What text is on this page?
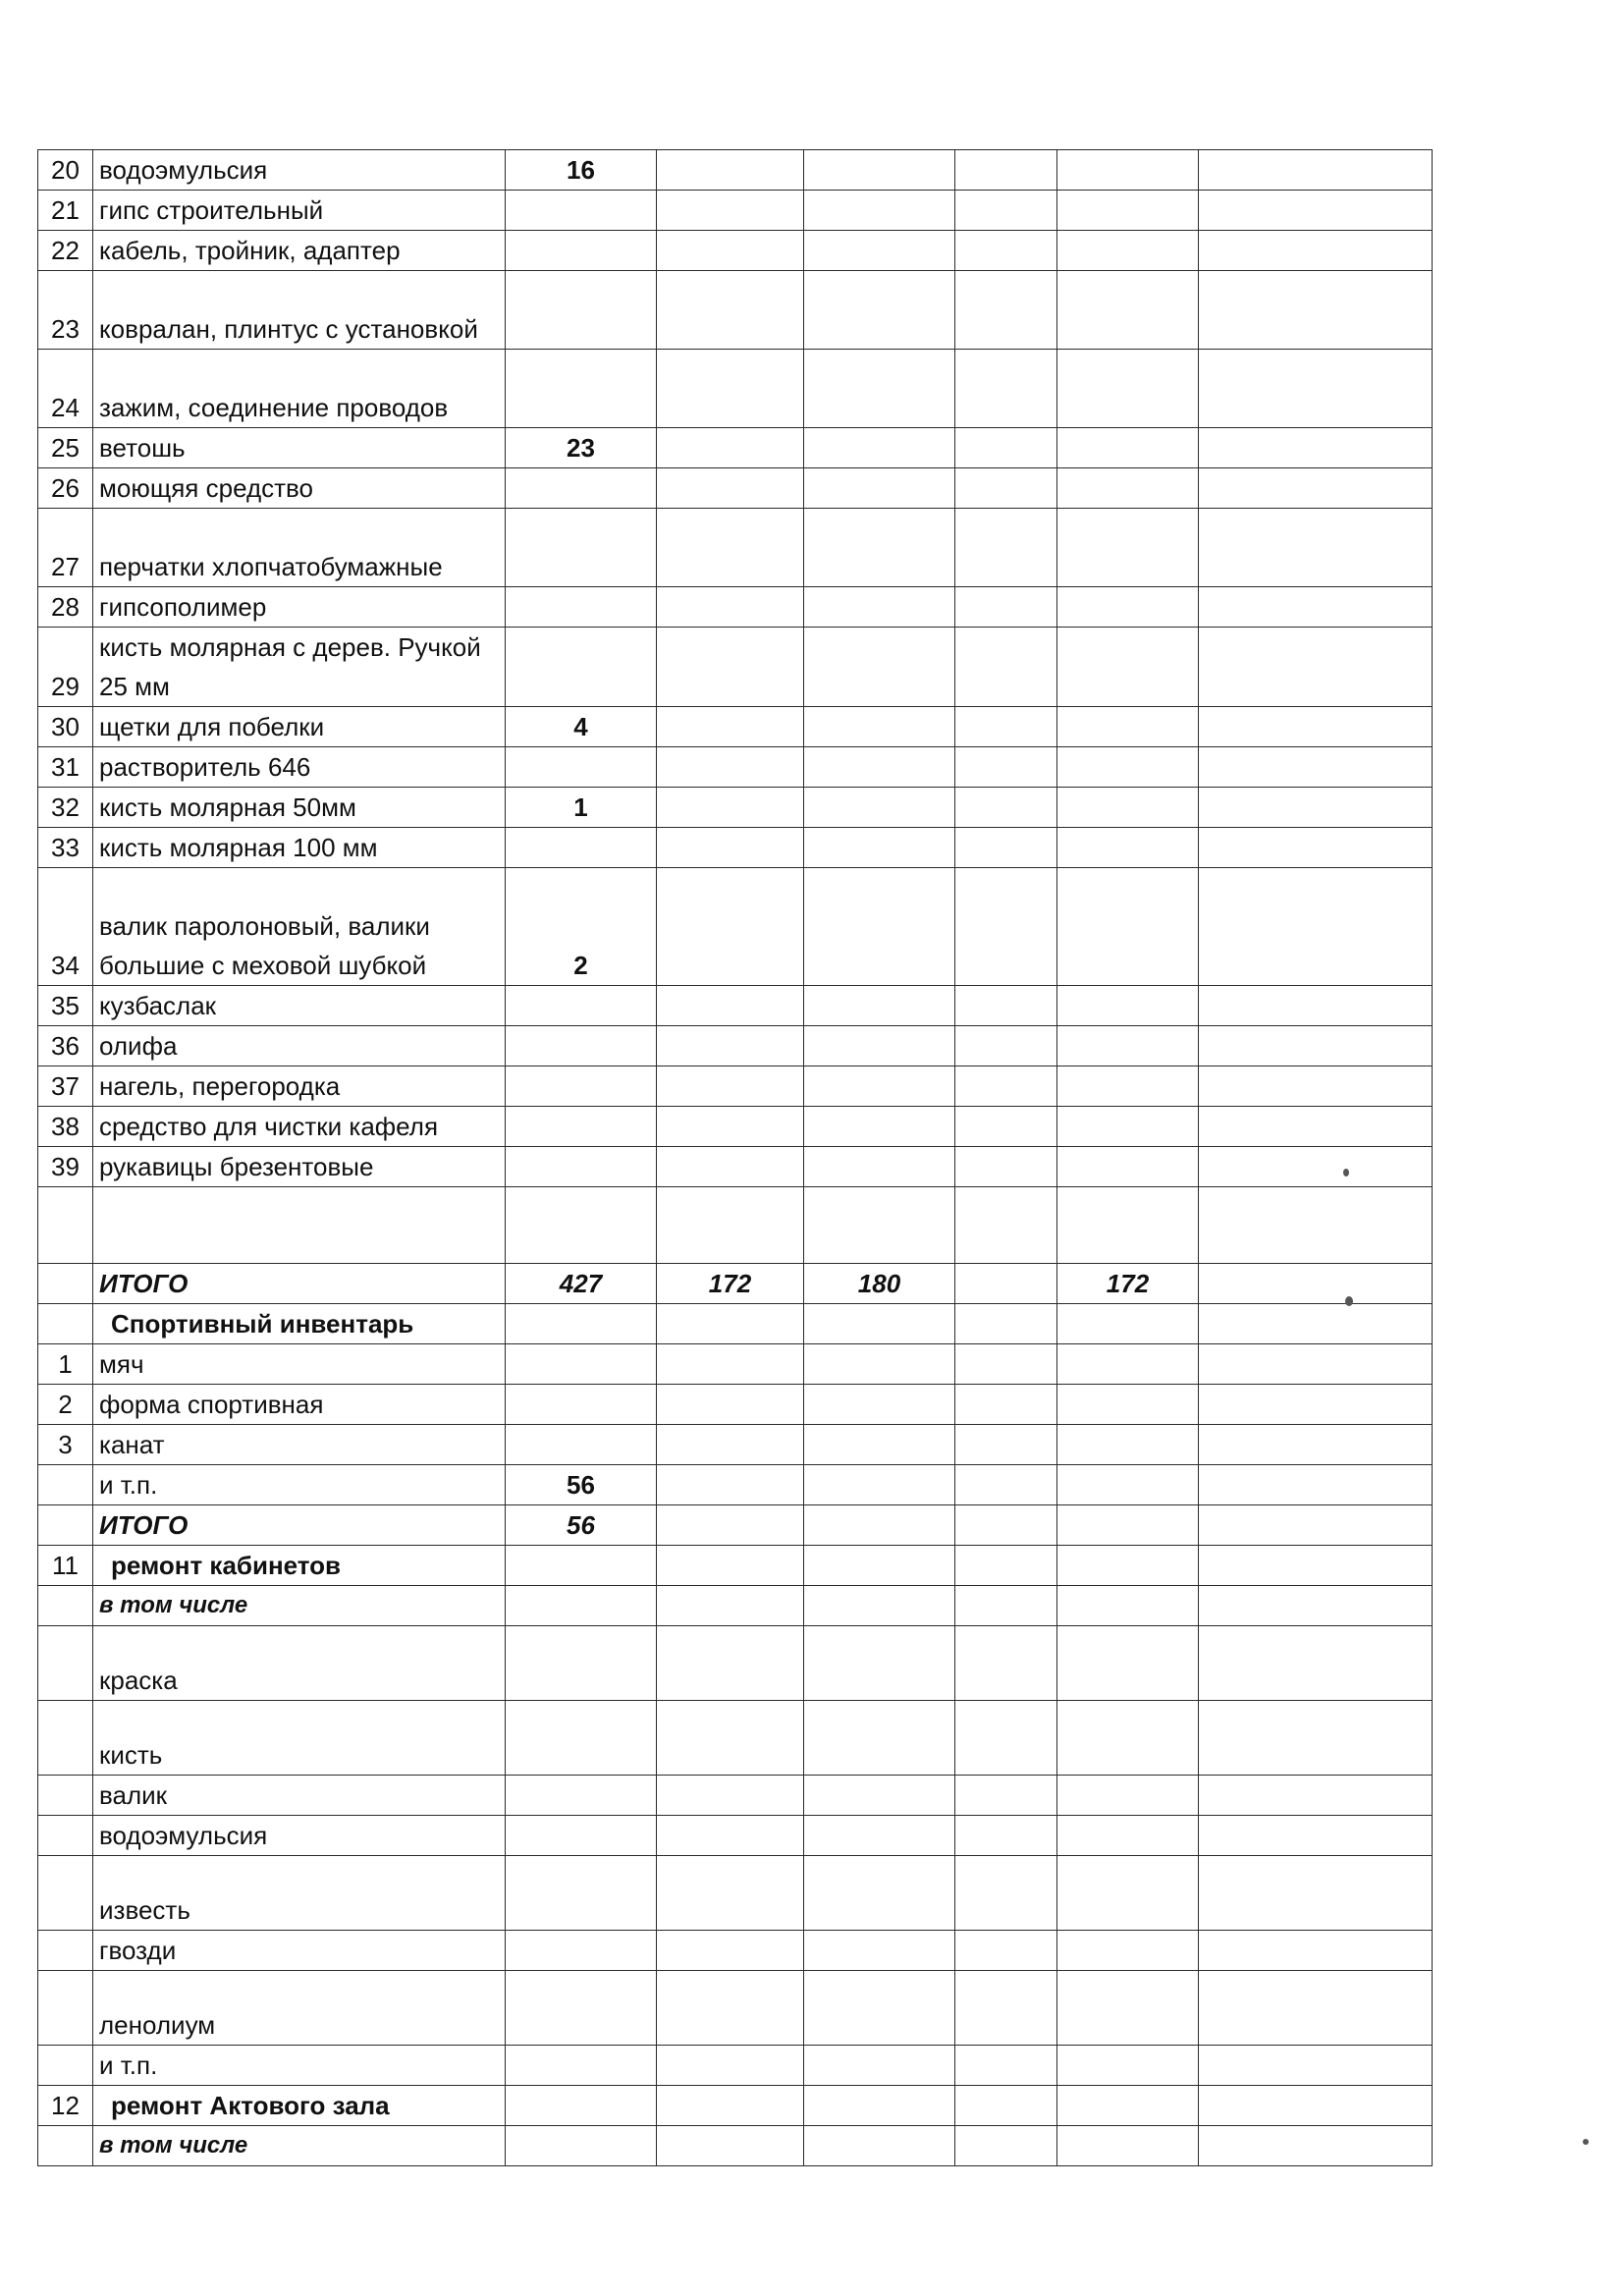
20	водоэмульсия	16					
21	гипс строительный						
22	кабель, тройник, адаптер						
23	ковралан, плинтус с установкой						
24	зажим, соединение проводов						
25	ветошь	23					
26	моющяя средство						
27	перчатки хлопчатобумажные						
28	гипсополимер						
29	кисть молярная с дерев. Ручкой 25 мм						
30	щетки для побелки	4					
31	растворитель 646						
32	кисть молярная 50мм	1					
33	кисть молярная 100 мм						
34	валик паролоновый, валики большие с меховой шубкой	2					
35	кузбаслак						
36	олифа						
37	нагель, перегородка						
38	средство для чистки кафеля						
39	рукавицы брезентовые						

	ИТОГО	427	172	180		172	
	Спортивный инвентарь						
1	мяч						
2	форма спортивная						
3	канат						
	и т.п.	56					
	ИТОГО	56					
11	ремонт кабинетов						
	в том числе						
	краска						
	кисть						
	валик						
	водоэмульсия						
	известь						
	гвозди						
	ленолиум						
	и т.п.						
12	ремонт Актового зала						
	в том числе						
